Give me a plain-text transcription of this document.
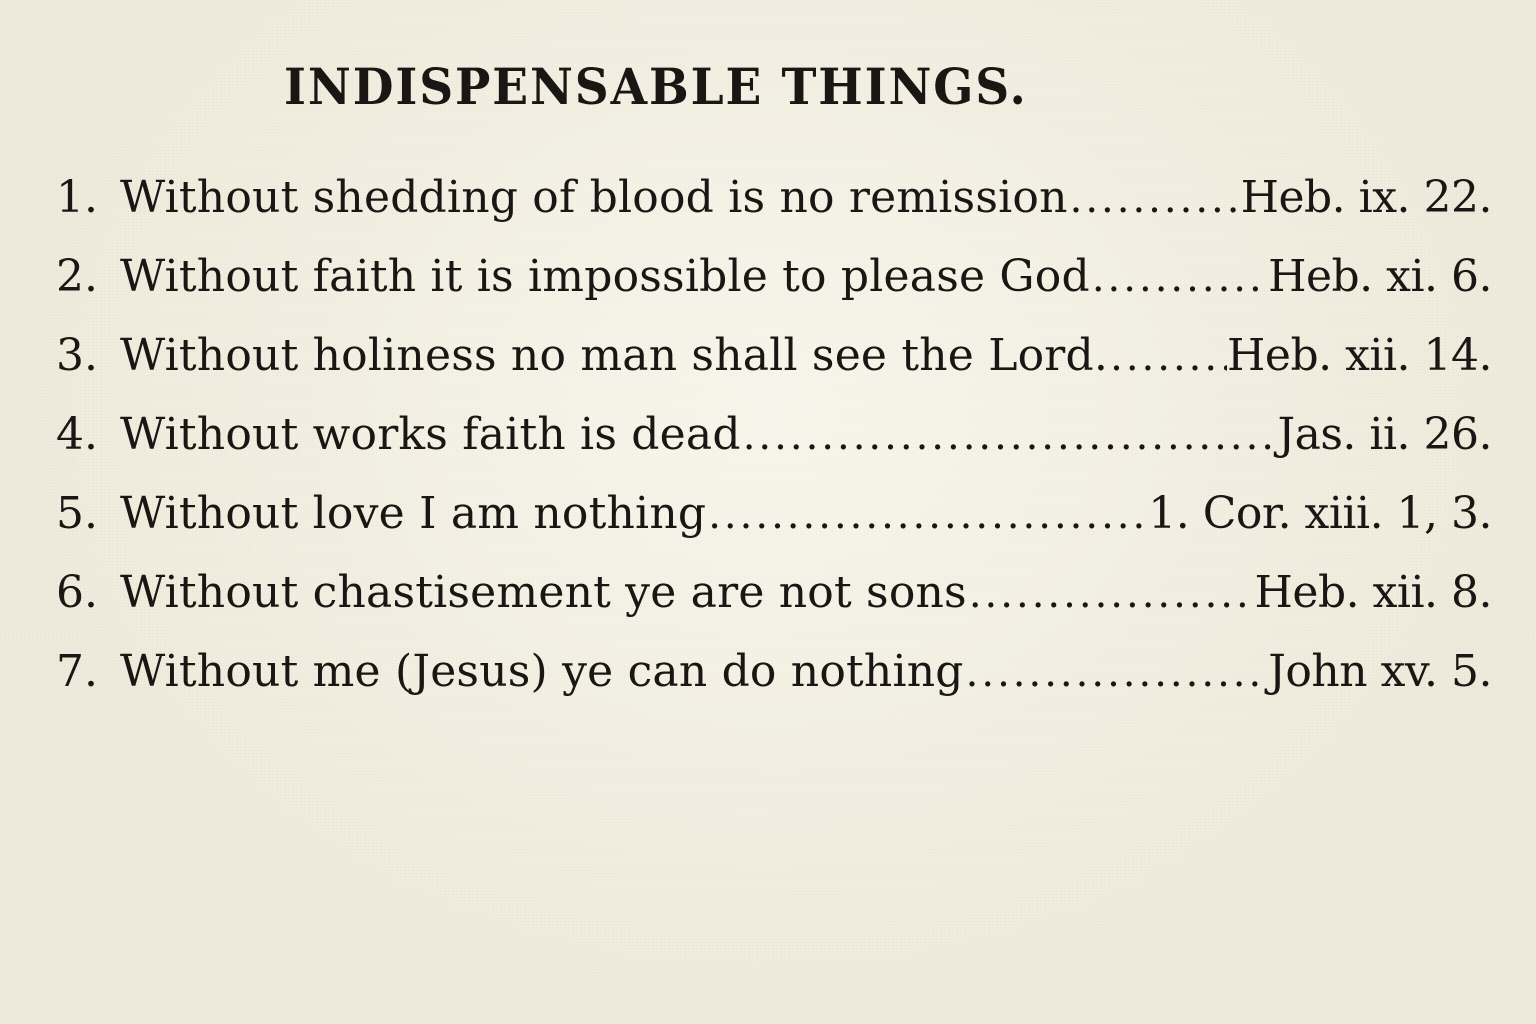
INDISPENSABLE THINGS.
1. Without shedding of blood is no remission .....	Heb. ix. 22.
2. Without faith it is impossible to please God .....	Heb. xi. 6.
3. Without holiness no man shall see the Lord. .....	Heb. xii. 14.
4. Without works faith is dead .....	Jas. ii. 26.
5. Without love I am nothing .....	1. Cor. xiii. 1, 3.
6. Without chastisement ye are not sons .....	Heb. xii. 8.
7. Without me (Jesus) ye can do nothing .....	John xv. 5.
